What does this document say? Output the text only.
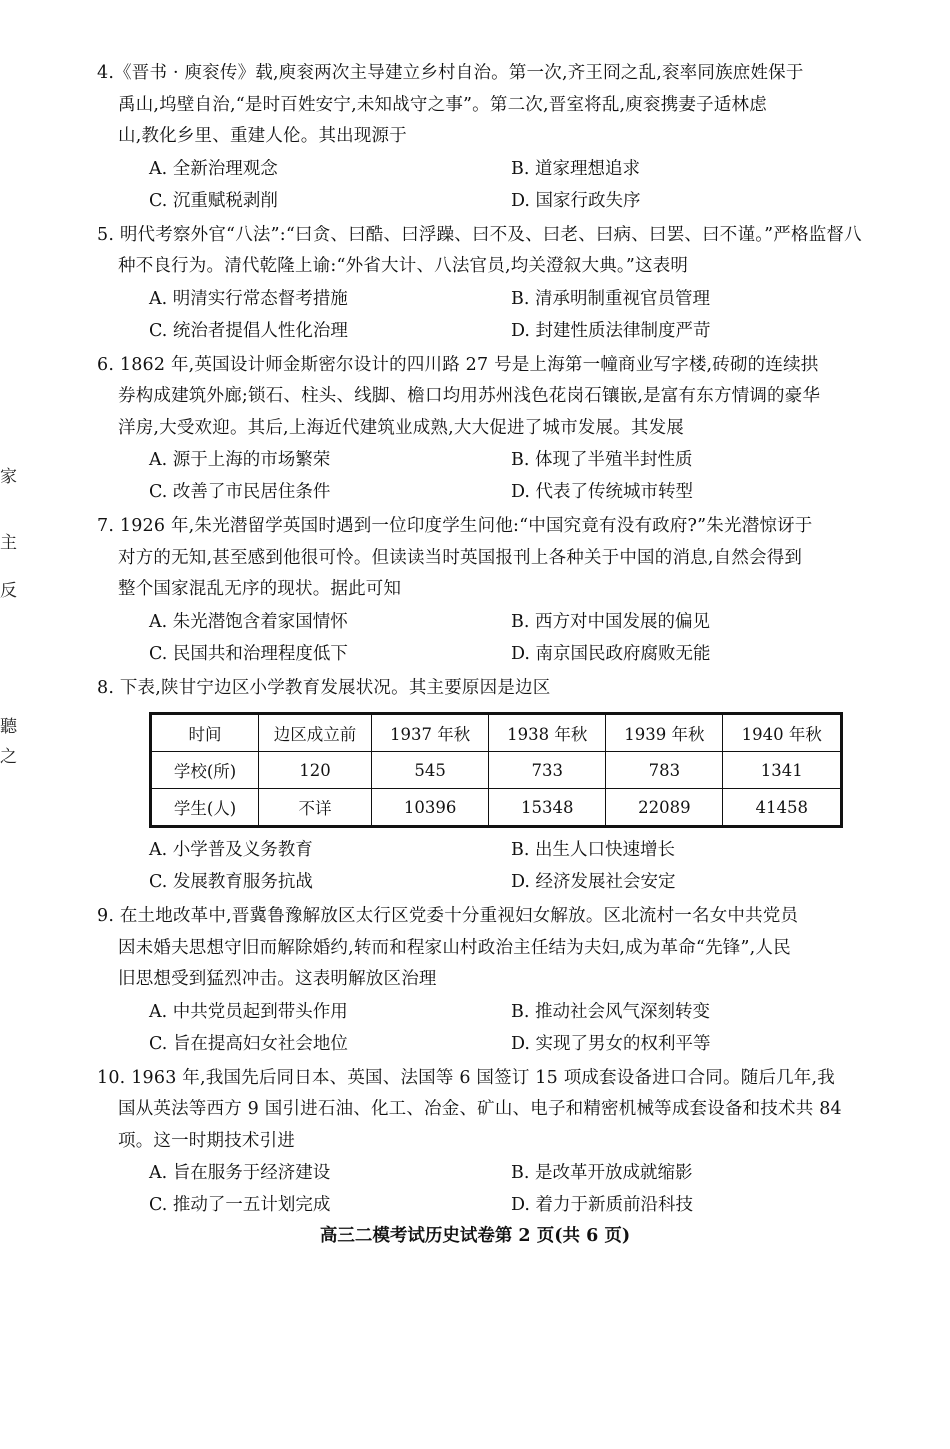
家
主
反
聽
之
4.《晋书 · 庾衮传》载,庾衮两次主导建立乡村自治。第一次,齐王冏之乱,衮率同族庶姓保于
禹山,坞壁自治,“是时百姓安宁,未知战守之事”。第二次,晋室将乱,庾衮携妻子适林虑
山,教化乡里、重建人伦。其出现源于
A. 全新治理观念	B. 道家理想追求
C. 沉重赋税剥削	D. 国家行政失序
5. 明代考察外官“八法”:“曰贪、曰酷、曰浮躁、曰不及、曰老、曰病、曰罢、曰不谨。”严格监督八
种不良行为。清代乾隆上谕:“外省大计、八法官员,均关澄叙大典。”这表明
A. 明清实行常态督考措施	B. 清承明制重视官员管理
C. 统治者提倡人性化治理	D. 封建性质法律制度严苛
6. 1862 年,英国设计师金斯密尔设计的四川路 27 号是上海第一幢商业写字楼,砖砌的连续拱
券构成建筑外廊;锁石、柱头、线脚、檐口均用苏州浅色花岗石镶嵌,是富有东方情调的豪华
洋房,大受欢迎。其后,上海近代建筑业成熟,大大促进了城市发展。其发展
A. 源于上海的市场繁荣	B. 体现了半殖半封性质
C. 改善了市民居住条件	D. 代表了传统城市转型
7. 1926 年,朱光潜留学英国时遇到一位印度学生问他:“中国究竟有没有政府?”朱光潜惊讶于
对方的无知,甚至感到他很可怜。但读读当时英国报刊上各种关于中国的消息,自然会得到
整个国家混乱无序的现状。据此可知
A. 朱光潜饱含着家国情怀	B. 西方对中国发展的偏见
C. 民国共和治理程度低下	D. 南京国民政府腐败无能
8. 下表,陕甘宁边区小学教育发展状况。其主要原因是边区
时间	边区成立前	1937 年秋	1938 年秋	1939 年秋	1940 年秋
学校(所)	120	545	733	783	1341
学生(人)	不详	10396	15348	22089	41458
A. 小学普及义务教育	B. 出生人口快速增长
C. 发展教育服务抗战	D. 经济发展社会安定
9. 在土地改革中,晋冀鲁豫解放区太行区党委十分重视妇女解放。区北流村一名女中共党员
因未婚夫思想守旧而解除婚约,转而和程家山村政治主任结为夫妇,成为革命“先锋”,人民
旧思想受到猛烈冲击。这表明解放区治理
A. 中共党员起到带头作用	B. 推动社会风气深刻转变
C. 旨在提高妇女社会地位	D. 实现了男女的权利平等
10. 1963 年,我国先后同日本、英国、法国等 6 国签订 15 项成套设备进口合同。随后几年,我
国从英法等西方 9 国引进石油、化工、冶金、矿山、电子和精密机械等成套设备和技术共 84
项。这一时期技术引进
A. 旨在服务于经济建设	B. 是改革开放成就缩影
C. 推动了一五计划完成	D. 着力于新质前沿科技
高三二模考试历史试卷第 2 页(共 6 页)
